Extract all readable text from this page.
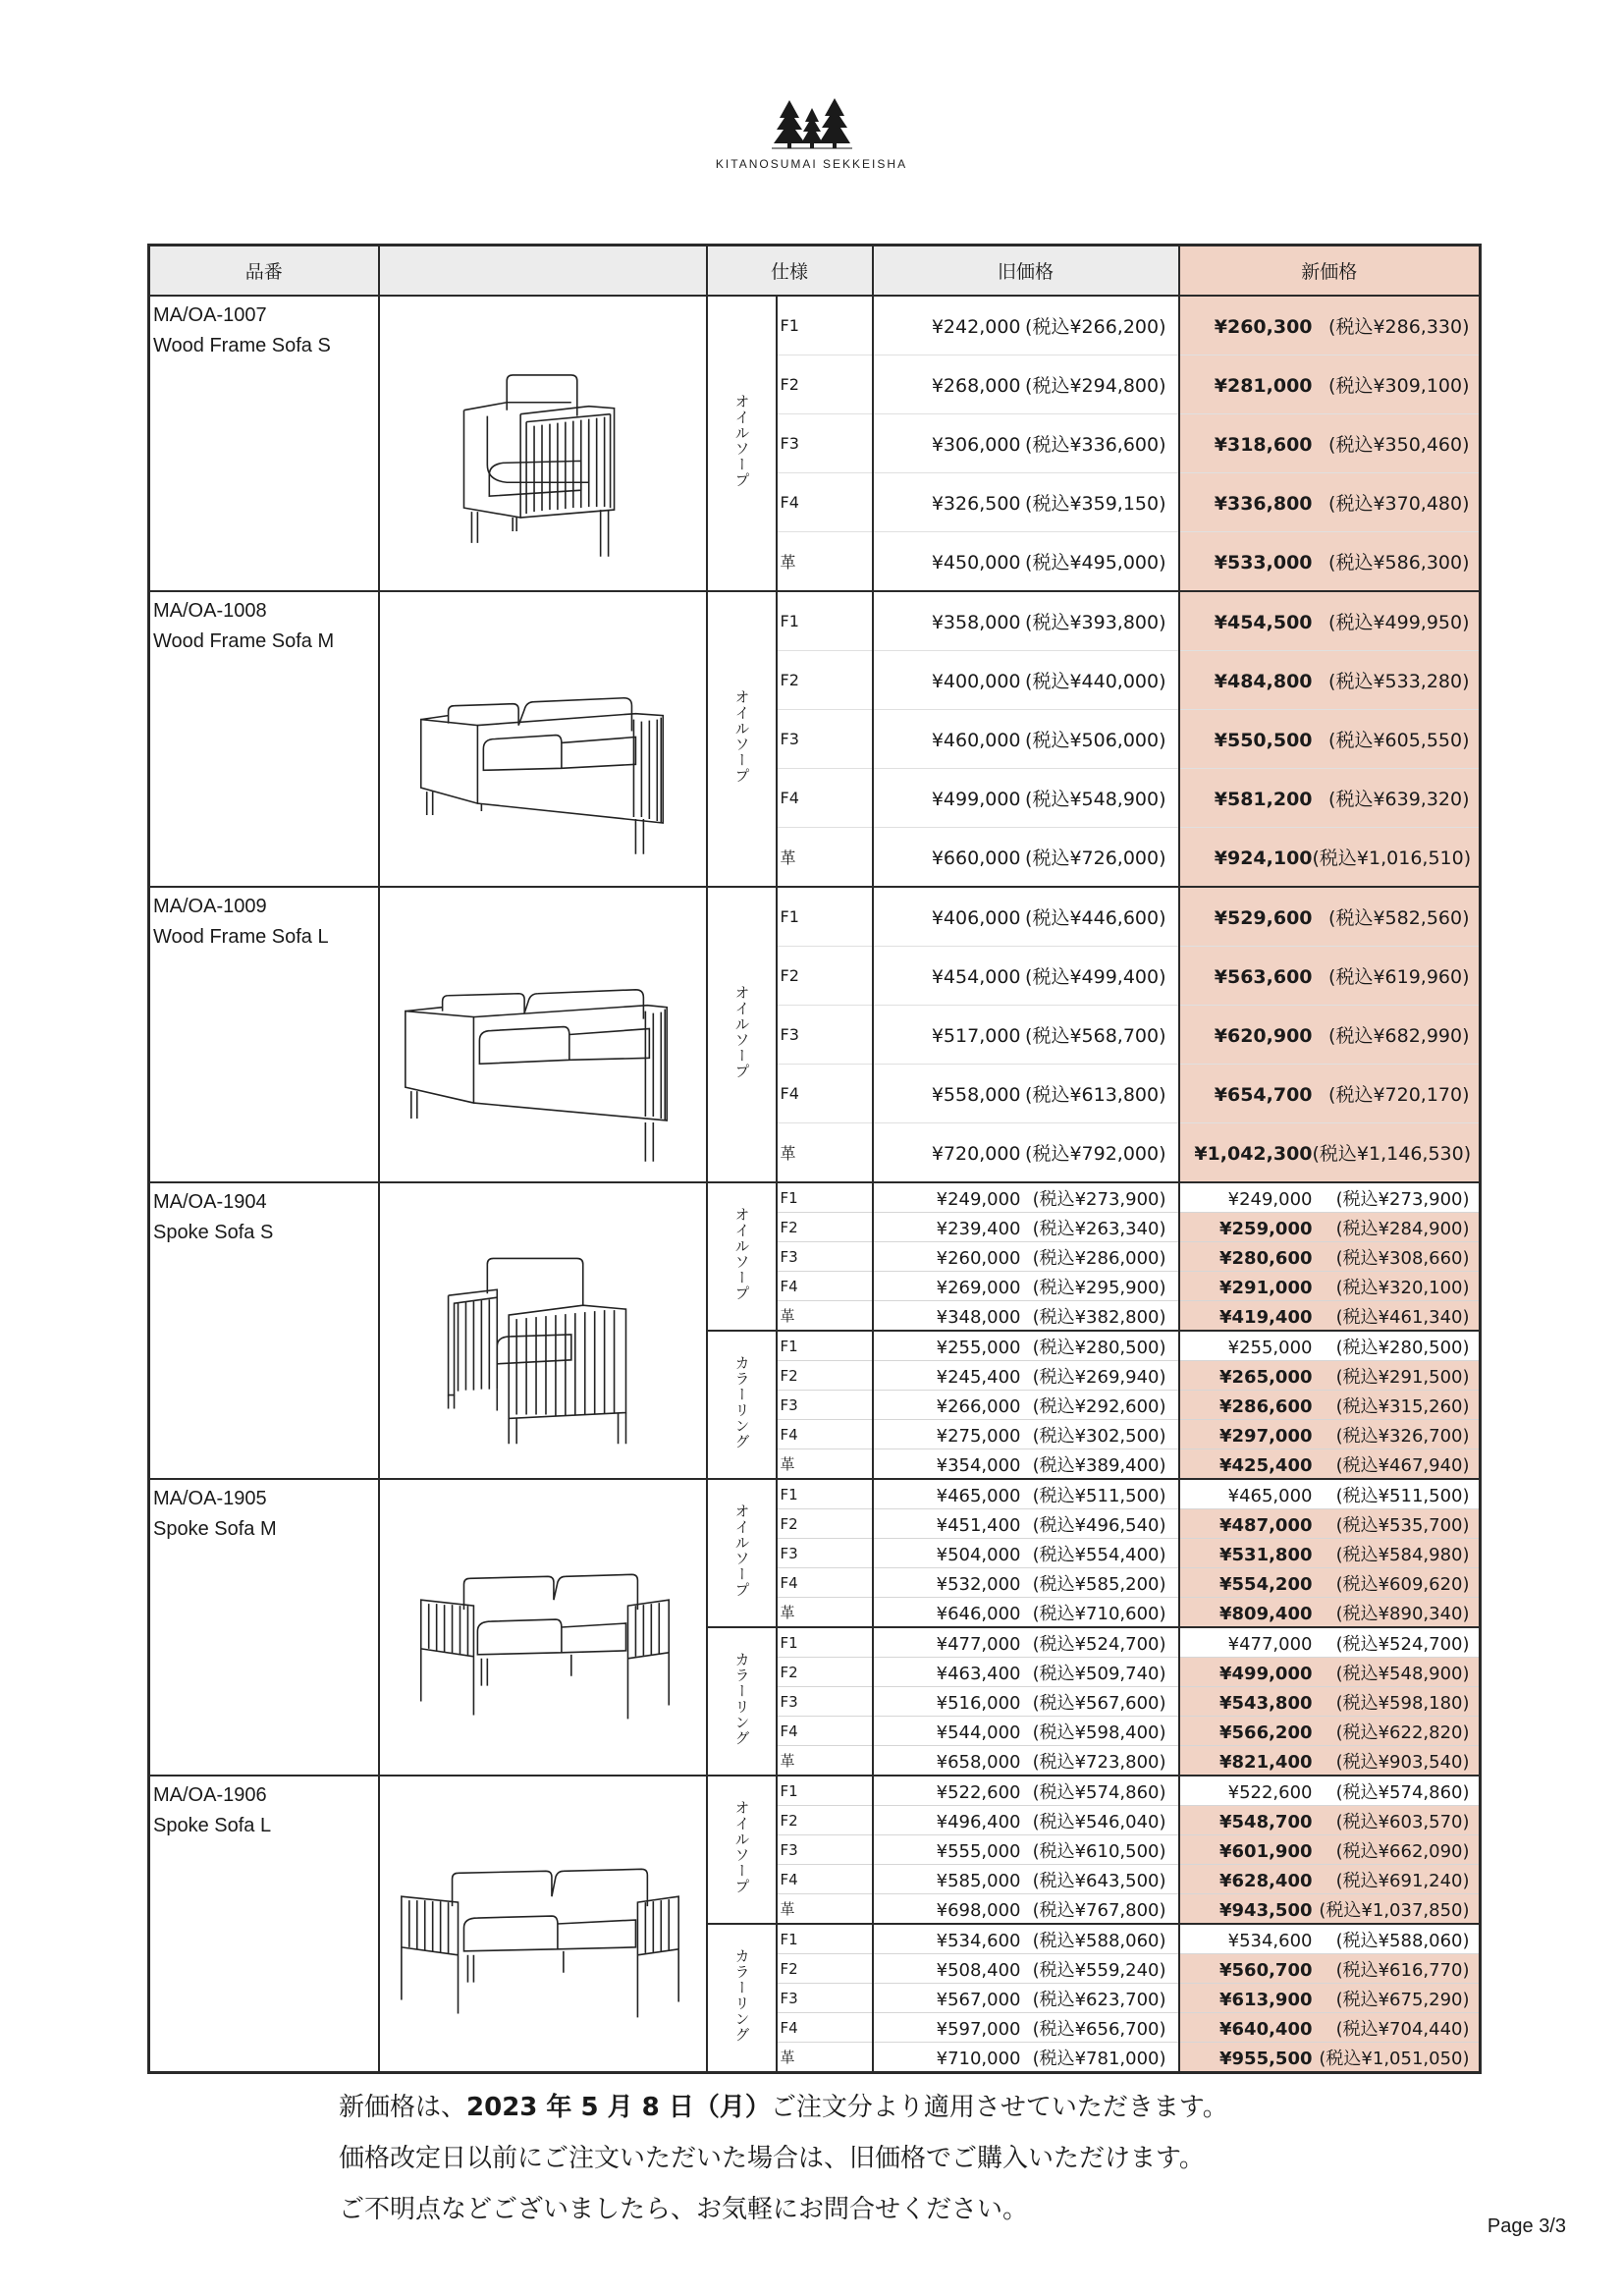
KITANOSUMAI SEKKEISHA
品番		仕様		旧価格	新価格

MA/OA-1007
Wood Frame Sofa S		オイルソープ	F1	¥242,000 (税込¥266,200)	¥260,300 (税込¥286,330)
			F2	¥268,000 (税込¥294,800)	¥281,000 (税込¥309,100)
			F3	¥306,000 (税込¥336,600)	¥318,600 (税込¥350,460)
			F4	¥326,500 (税込¥359,150)	¥336,800 (税込¥370,480)
			革	¥450,000 (税込¥495,000)	¥533,000 (税込¥586,300)

MA/OA-1008
Wood Frame Sofa M		オイルソープ	F1	¥358,000 (税込¥393,800)	¥454,500 (税込¥499,950)
			F2	¥400,000 (税込¥440,000)	¥484,800 (税込¥533,280)
			F3	¥460,000 (税込¥506,000)	¥550,500 (税込¥605,550)
			F4	¥499,000 (税込¥548,900)	¥581,200 (税込¥639,320)
			革	¥660,000 (税込¥726,000)	¥924,100(税込¥1,016,510)

MA/OA-1009
Wood Frame Sofa L		オイルソープ	F1	¥406,000 (税込¥446,600)	¥529,600 (税込¥582,560)
			F2	¥454,000 (税込¥499,400)	¥563,600 (税込¥619,960)
			F3	¥517,000 (税込¥568,700)	¥620,900 (税込¥682,990)
			F4	¥558,000 (税込¥613,800)	¥654,700 (税込¥720,170)
			革	¥720,000 (税込¥792,000)	¥1,042,300(税込¥1,146,530)

MA/OA-1904
Spoke Sofa S		オイルソープ	F1	¥249,000 (税込¥273,900)	¥249,000 (税込¥273,900)
			F2	¥239,400 (税込¥263,340)	¥259,000 (税込¥284,900)
			F3	¥260,000 (税込¥286,000)	¥280,600 (税込¥308,660)
			F4	¥269,000 (税込¥295,900)	¥291,000 (税込¥320,100)
			革	¥348,000 (税込¥382,800)	¥419,400 (税込¥461,340)
		カラーリング	F1	¥255,000 (税込¥280,500)	¥255,000 (税込¥280,500)
			F2	¥245,400 (税込¥269,940)	¥265,000 (税込¥291,500)
			F3	¥266,000 (税込¥292,600)	¥286,600 (税込¥315,260)
			F4	¥275,000 (税込¥302,500)	¥297,000 (税込¥326,700)
			革	¥354,000 (税込¥389,400)	¥425,400 (税込¥467,940)

MA/OA-1905
Spoke Sofa M		オイルソープ	F1	¥465,000 (税込¥511,500)	¥465,000 (税込¥511,500)
			F2	¥451,400 (税込¥496,540)	¥487,000 (税込¥535,700)
			F3	¥504,000 (税込¥554,400)	¥531,800 (税込¥584,980)
			F4	¥532,000 (税込¥585,200)	¥554,200 (税込¥609,620)
			革	¥646,000 (税込¥710,600)	¥809,400 (税込¥890,340)
		カラーリング	F1	¥477,000 (税込¥524,700)	¥477,000 (税込¥524,700)
			F2	¥463,400 (税込¥509,740)	¥499,000 (税込¥548,900)
			F3	¥516,000 (税込¥567,600)	¥543,800 (税込¥598,180)
			F4	¥544,000 (税込¥598,400)	¥566,200 (税込¥622,820)
			革	¥658,000 (税込¥723,800)	¥821,400 (税込¥903,540)

MA/OA-1906
Spoke Sofa L		オイルソープ	F1	¥522,600 (税込¥574,860)	¥522,600 (税込¥574,860)
			F2	¥496,400 (税込¥546,040)	¥548,700 (税込¥603,570)
			F3	¥555,000 (税込¥610,500)	¥601,900 (税込¥662,090)
			F4	¥585,000 (税込¥643,500)	¥628,400 (税込¥691,240)
			革	¥698,000 (税込¥767,800)	¥943,500 (税込¥1,037,850)
		カラーリング	F1	¥534,600 (税込¥588,060)	¥534,600 (税込¥588,060)
			F2	¥508,400 (税込¥559,240)	¥560,700 (税込¥616,770)
			F3	¥567,000 (税込¥623,700)	¥613,900 (税込¥675,290)
			F4	¥597,000 (税込¥656,700)	¥640,400 (税込¥704,440)
			革	¥710,000 (税込¥781,000)	¥955,500 (税込¥1,051,050)
新価格は、2023 年 5 月 8 日（月）ご注文分より適用させていただきます。
価格改定日以前にご注文いただいた場合は、旧価格でご購入いただけます。
ご不明点などございましたら、お気軽にお問合せください。
Page 3/3
